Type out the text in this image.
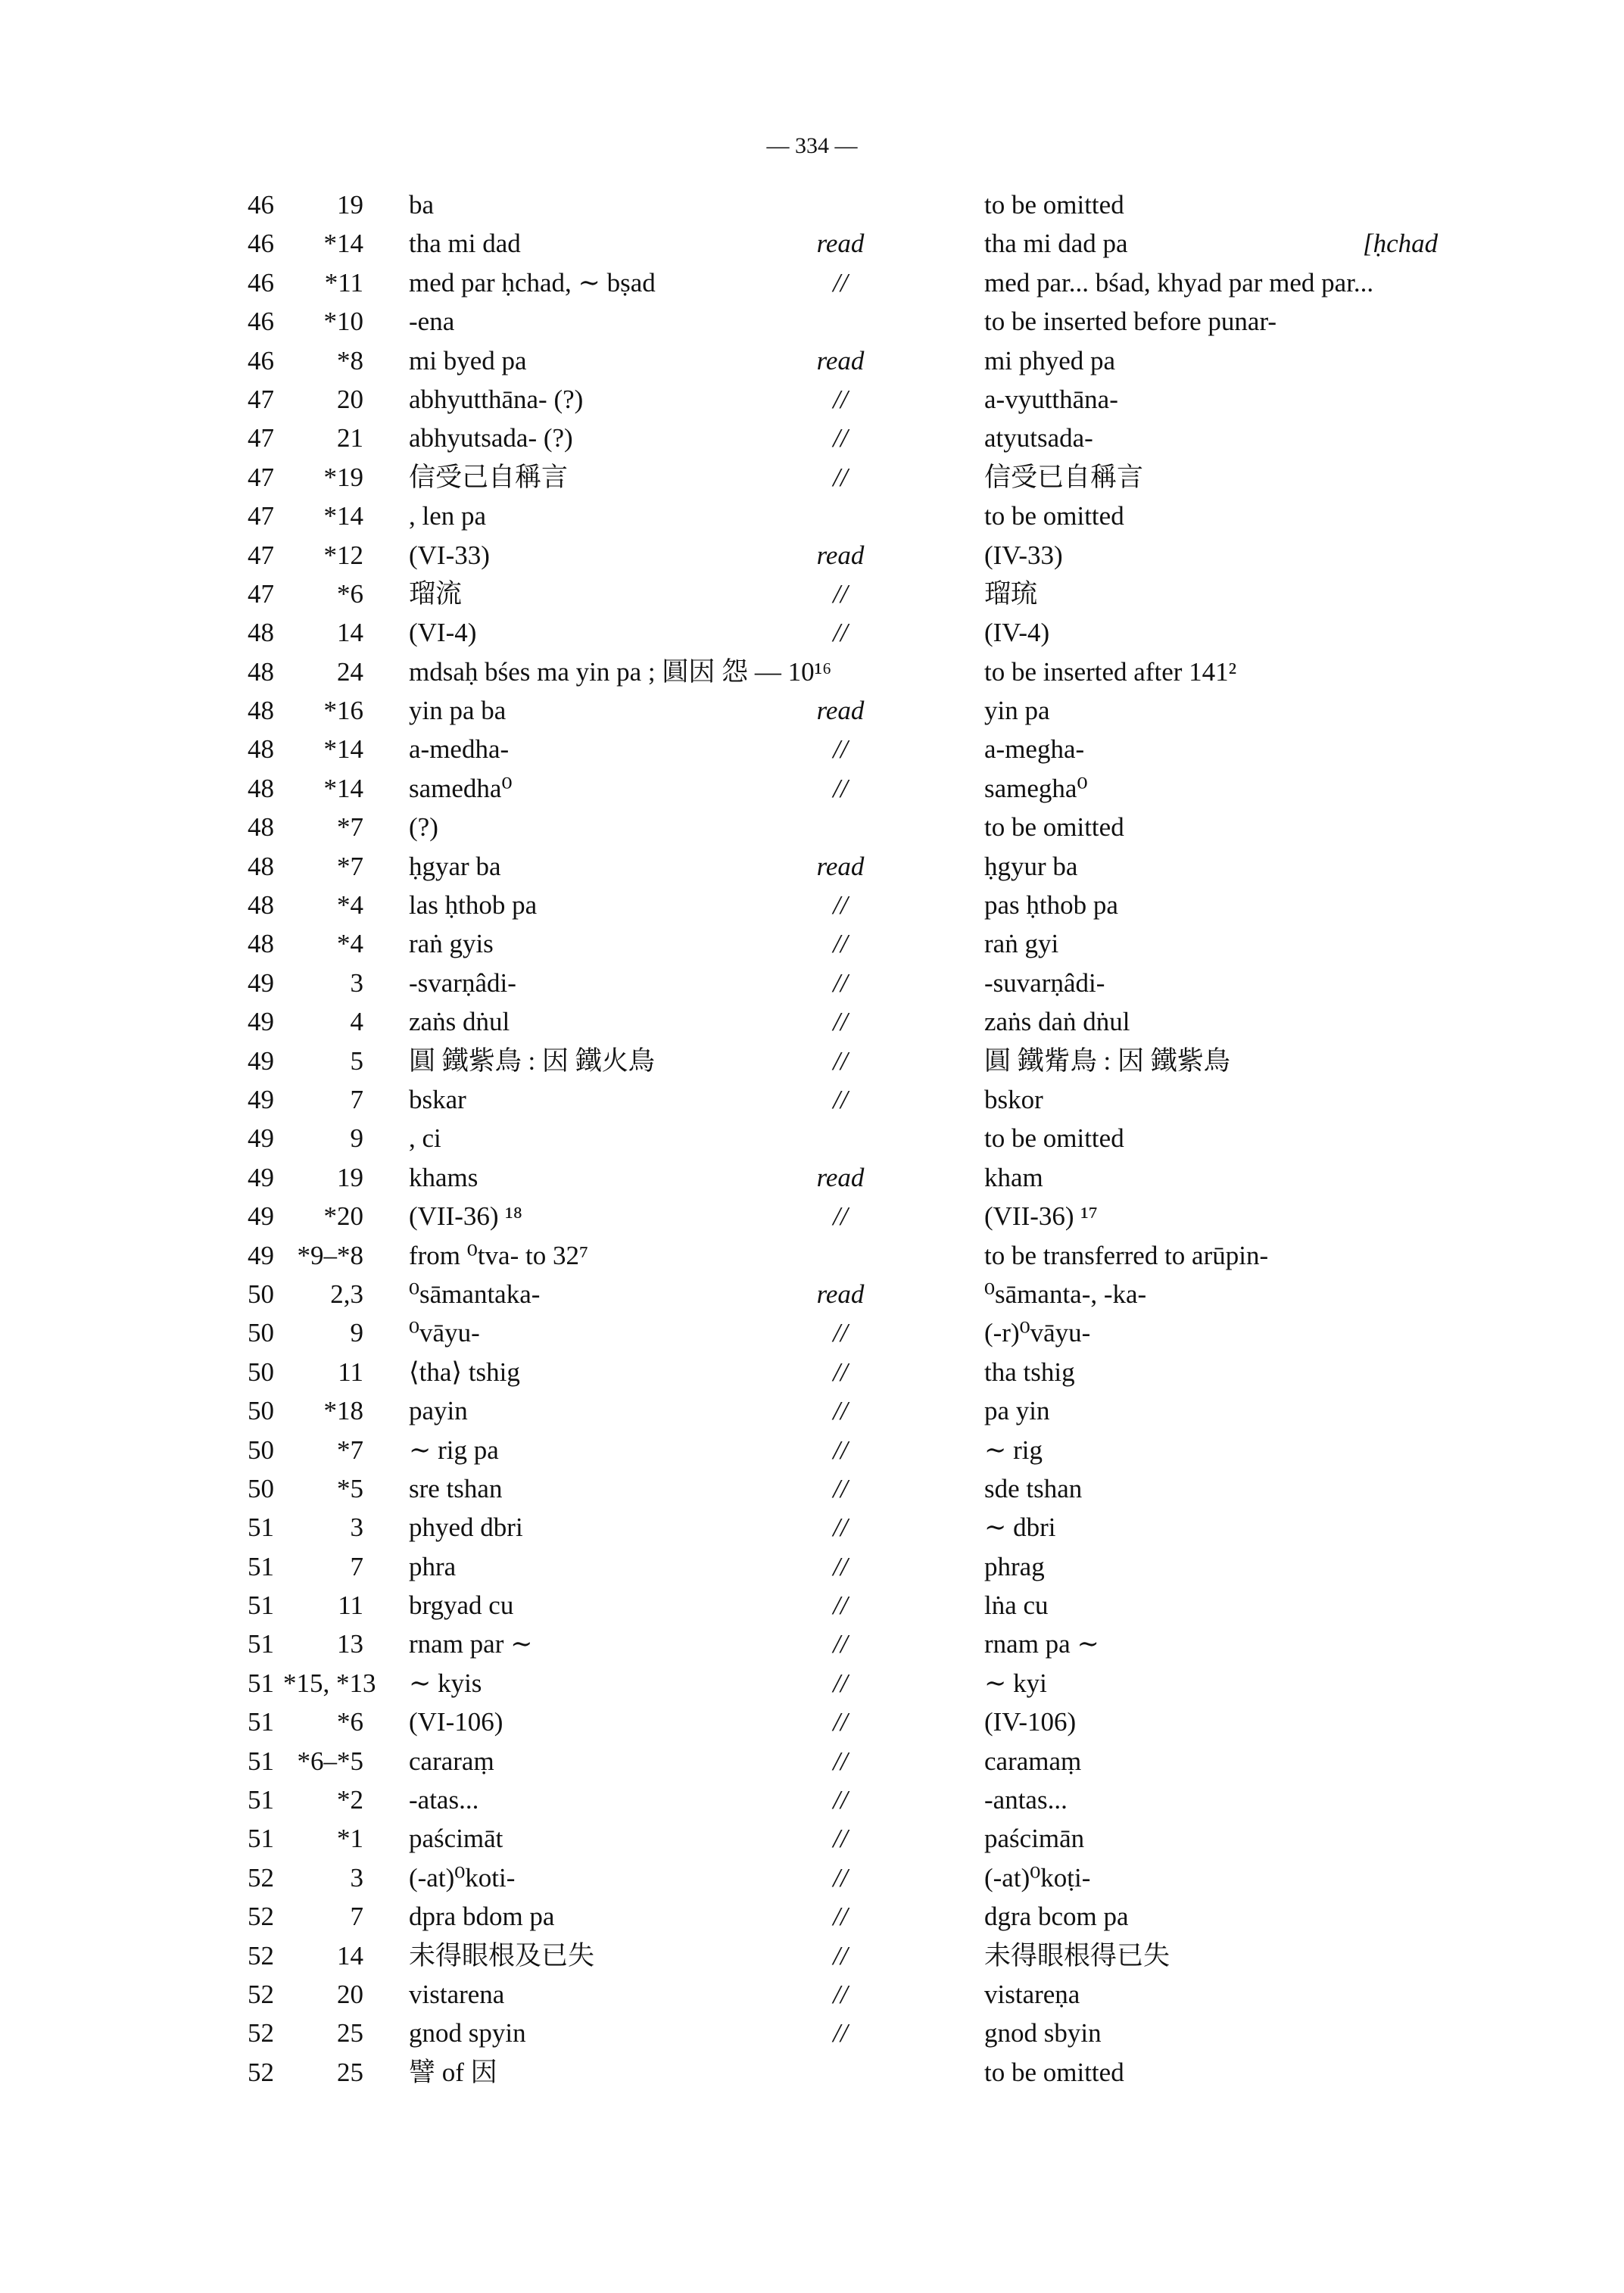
— 334 —
46	19 ba	to be omitted
46	*14 tha mi dad	read	tha mi dad pa	[ḥchad
46	*11 med par ḥchad, ∼ bṣad	//	med par... bśad, khyad par med par...
46	*10 -ena	to be inserted before punar-
46	*8 mi byed pa	read	mi phyed pa
47	20 abhyutthāna- (?)	//	a-vyutthāna-
47	21 abhyutsada- (?)	//	atyutsada-
47	*19 信受己自稱言	//	信受已自稱言
47	*14 , len pa	to be omitted
47	*12 (VI-33)	read	(IV-33)
47	*6 瑠流	//	瑠琉
48	14 (VI-4)	//	(IV-4)
48	24 mdsaḥ bśes ma yin pa ; 圓因 怨 — 10¹⁶	to be inserted after 141²
48	*16 yin pa ba	read	yin pa
48	*14 a-medha-	//	a-megha-
48	*14 samedha⁰	//	samegha⁰
48	*7 (?)	to be omitted
48	*7 ḥgyar ba	read	ḥgyur ba
48	*4 las ḥthob pa	//	pas ḥthob pa
48	*4 raṅ gyis	//	raṅ gyi
49	3 -svarṇâdi-	//	-suvarṇâdi-
49	4 zaṅs dṅul	//	zaṅs daṅ dṅul
49	5 圓 鐵紫鳥 : 因 鐵火鳥	//	圓 鐵觜鳥 : 因 鐵紫鳥
49	7 bskar	//	bskor
49	9 , ci	to be omitted
49	19 khams	read	kham
49	*20 (VII-36) ¹⁸	//	(VII-36) ¹⁷
49 *9–*8 from ⁰tva- to 32⁷	to be transferred to arūpin-
50	2,3 ⁰sāmantaka-	read	⁰sāmanta-, -ka-
50	9 ⁰vāyu-	//	(-r)⁰vāyu-
50	11 ⟨tha⟩ tshig	//	tha tshig
50	*18 payin	//	pa yin
50	*7 ∼ rig pa	//	∼ rig
50	*5 sre tshan	//	sde tshan
51	3 phyed dbri	//	∼ dbri
51	7 phra	//	phrag
51	11 brgyad cu	//	lṅa cu
51	13 rnam par ∼	//	rnam pa ∼
51 *15, *13 ∼ kyis	//	∼ kyi
51	*6 (VI-106)	//	(IV-106)
51 *6–*5 cararaṃ	//	caramaṃ
51	*2 -atas...	//	-antas...
51	*1 paścimāt	//	paścimān
52	3 (-at)⁰koti-	//	(-at)⁰koṭi-
52	7 dpra bdom pa	//	dgra bcom pa
52	14 未得眼根及已失	//	未得眼根得已失
52	20 vistarena	//	vistareṇa
52	25 gnod spyin	//	gnod sbyin
52	25 譬 of 因	to be omitted
